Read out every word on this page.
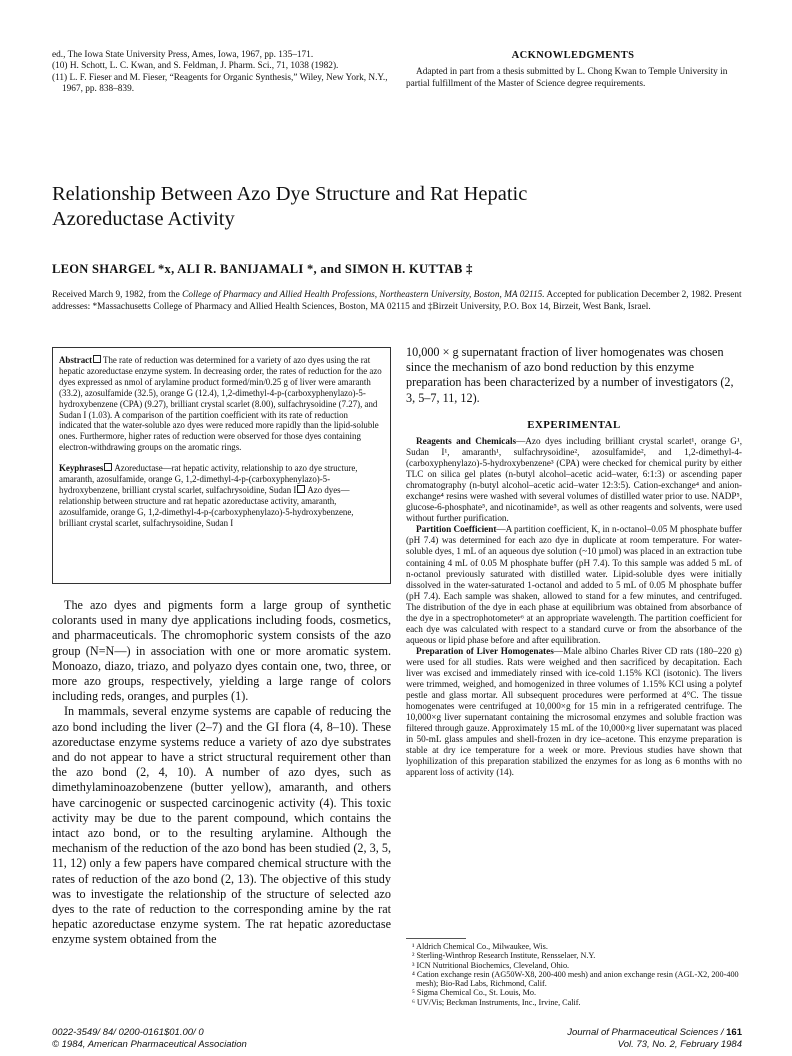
ed., The Iowa State University Press, Ames, Iowa, 1967, pp. 135–171.

(10) H. Schott, L. C. Kwan, and S. Feldman, J. Pharm. Sci., 71, 1038 (1982).

(11) L. F. Fieser and M. Fieser, “Reagents for Organic Synthesis,” Wiley, New York, N.Y., 1967, pp. 838–839.

ACKNOWLEDGMENTS

Adapted in part from a thesis submitted by L. Chong Kwan to Temple University in partial fulfillment of the Master of Science degree requirements.

Relationship Between Azo Dye Structure and Rat Hepatic Azoreductase Activity
LEON SHARGEL *x, ALI R. BANIJAMALI *, and SIMON H. KUTTAB ‡
Received March 9, 1982, from the College of Pharmacy and Allied Health Professions, Northeastern University, Boston, MA 02115. Accepted for publication December 2, 1982. Present addresses: *Massachusetts College of Pharmacy and Allied Health Sciences, Boston, MA 02115 and ‡Birzeit University, P.O. Box 14, Birzeit, West Bank, Israel.

Abstract The rate of reduction was determined for a variety of azo dyes using the rat hepatic azoreductase enzyme system. In decreasing order, the rates of reduction for the azo dyes expressed as nmol of arylamine product formed/min/0.25 g of liver were amaranth (33.2), azosulfamide (32.5), orange G (12.4), 1,2-dimethyl-4-p-(carboxyphenylazo)-5-hydroxybenzene (CPA) (9.27), brilliant crystal scarlet (8.00), sulfachrysoidine (7.27), and Sudan I (1.03). A comparison of the partition coefficient with its rate of reduction indicated that the water-soluble azo dyes were reduced more rapidly than the lipid-soluble ones. Furthermore, higher rates of reduction were observed for those dyes containing electron-withdrawing groups on the aromatic rings.

Keyphrases Azoreductase—rat hepatic activity, relationship to azo dye structure, amaranth, azosulfamide, orange G, 1,2-dimethyl-4-p-(carboxyphenylazo)-5-hydroxybenzene, brilliant crystal scarlet, sulfachrysoidine, Sudan I Azo dyes—relationship between structure and rat hepatic azoreductase activity, amaranth, azosulfamide, orange G, 1,2-dimethyl-4-p-(carboxyphenylazo)-5-hydroxybenzene, brilliant crystal scarlet, sulfachrysoidine, Sudan I

The azo dyes and pigments form a large group of synthetic colorants used in many dye applications including foods, cosmetics, and pharmaceuticals. The chromophoric system consists of the azo group (N=N—) in association with one or more aromatic system. Monoazo, diazo, triazo, and polyazo dyes contain one, two, three, or more azo groups, respectively, yielding a large range of colors including reds, oranges, and purples (1).

In mammals, several enzyme systems are capable of reducing the azo bond including the liver (2–7) and the GI flora (4, 8–10). These azoreductase enzyme systems reduce a variety of azo dye substrates and do not appear to have a strict structural requirement other than the azo bond (2, 4, 10). A number of azo dyes, such as dimethylaminoazobenzene (butter yellow), amaranth, and others have carcinogenic or suspected carcinogenic activity (4). This toxic activity may be due to the parent compound, which contains the intact azo bond, or to the resulting arylamine. Although the mechanism of the reduction of the azo bond has been studied (2, 3, 5, 11, 12) only a few papers have compared chemical structure with the rates of reduction of the azo bond (2, 13). The objective of this study was to investigate the relationship of the structure of selected azo dyes to the rate of reduction to the corresponding amine by the rat hepatic azoreductase enzyme system. The rat hepatic azoreductase enzyme system obtained from the

10,000 × g supernatant fraction of liver homogenates was chosen since the mechanism of azo bond reduction by this enzyme preparation has been characterized by a number of investigators (2, 3, 5–7, 11, 12).
EXPERIMENTAL

Reagents and Chemicals—Azo dyes including brilliant crystal scarlet¹, orange G¹, Sudan I¹, amaranth¹, sulfachrysoidine², azosulfamide², and 1,2-dimethyl-4-(carboxyphenylazo)-5-hydroxybenzene³ (CPA) were checked for chemical purity by either TLC on silica gel plates (n-butyl alcohol–acetic acid–water, 6:1:3) or ascending paper chromatography (n-butyl alcohol–acetic acid–water 12:3:5). Cation-exchange⁴ and anion-exchange⁴ resins were washed with several volumes of distilled water prior to use. NADP⁵, glucose-6-phosphate⁵, and nicotinamide⁵, as well as other reagents and solvents, were used without further purification.

Partition Coefficient—A partition coefficient, K, in n-octanol–0.05 M phosphate buffer (pH 7.4) was determined for each azo dye in duplicate at room temperature. For water-soluble dyes, 1 mL of an aqueous dye solution (~10 µmol) was placed in an extraction tube containing 4 mL of 0.05 M phosphate buffer (pH 7.4). To this sample was added 5 mL of n-octanol previously saturated with distilled water. Lipid-soluble dyes were initially dissolved in the water-saturated 1-octanol and added to 5 mL of 0.05 M phosphate buffer (pH 7.4). Each sample was shaken, allowed to stand for a few minutes, and centrifuged. The distribution of the dye in each phase at equilibrium was obtained from absorbance of the dye in a spectrophotometer⁶ at an appropriate wavelength. The partition coefficient for each dye was calculated with respect to a standard curve or from the absorbance of the aqueous or lipid phase before and after equilibration.

Preparation of Liver Homogenates—Male albino Charles River CD rats (180–220 g) were used for all studies. Rats were weighed and then sacrificed by decapitation. Each liver was excised and immediately rinsed with ice-cold 1.15% KCl (isotonic). The livers were trimmed, weighed, and homogenized in three volumes of 1.15% KCl using a polytef pestle and glass mortar. All subsequent procedures were performed at 4°C. The tissue homogenates were centrifuged at 10,000×g for 15 min in a refrigerated centrifuge. The 10,000×g liver supernatant containing the microsomal enzymes and soluble fraction was filtered through gauze. Approximately 15 mL of the 10,000×g liver supernatant was placed in 50-mL glass ampules and shell-frozen in dry ice–acetone. This enzyme preparation is stable at dry ice temperature for a week or more. Previous studies have shown that lyophilization of this preparation stabilized the enzymes for as long as 6 months with no apparent loss of activity (14).

¹ Aldrich Chemical Co., Milwaukee, Wis.

² Sterling-Winthrop Research Institute, Rensselaer, N.Y.

³ ICN Nutritional Biochemics, Cleveland, Ohio.

⁴ Cation exchange resin (AG50W-X8, 200-400 mesh) and anion exchange resin (AGL-X2, 200-400 mesh); Bio-Rad Labs, Richmond, Calif.

⁵ Sigma Chemical Co., St. Louis, Mo.

⁶ UV/Vis; Beckman Instruments, Inc., Irvine, Calif.

0022-3549/ 84/ 0200-0161$01.00/ 0
© 1984, American Pharmaceutical Association
Journal of Pharmaceutical Sciences / 161
Vol. 73, No. 2, February 1984
